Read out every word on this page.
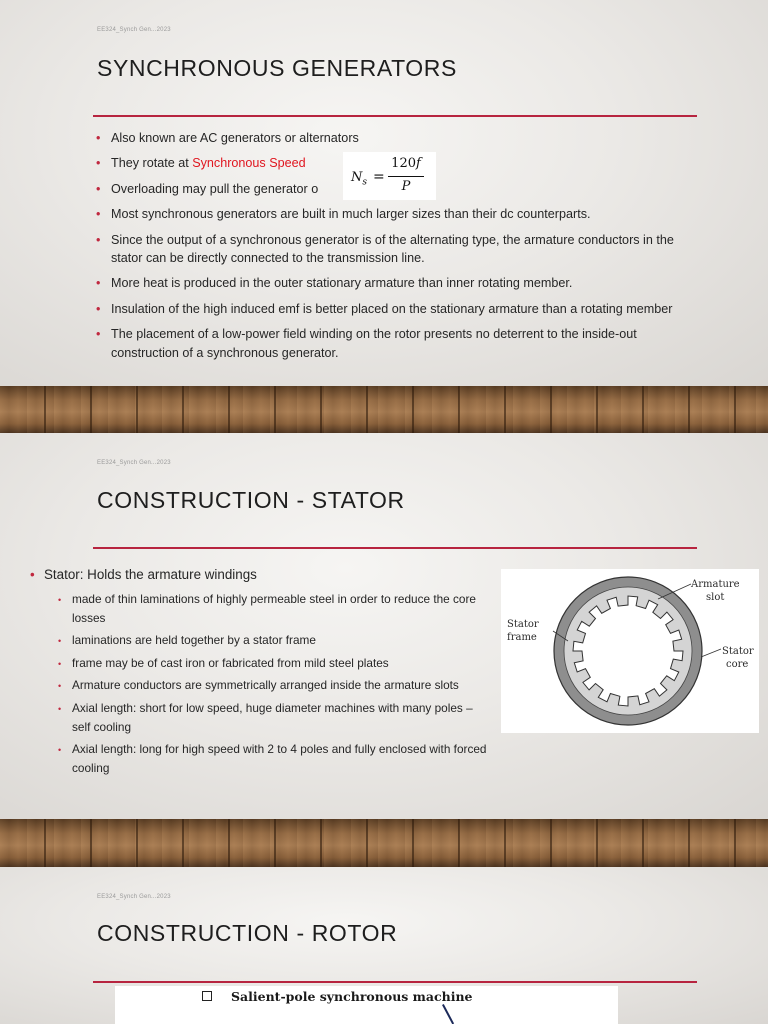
EE324_Synch Gen...2023
SYNCHRONOUS GENERATORS
• Also known are AC generators or alternators
• They rotate at Synchronous Speed
• Overloading may pull the generator o
• Most synchronous generators are built in much larger sizes than their dc counterparts.
• Since the output of a synchronous generator is of the alternating type, the armature conductors in the stator can be directly connected to the transmission line.
• More heat is produced in the outer stationary armature than inner rotating member.
• Insulation of the high induced emf is better placed on the stationary armature than a rotating member
• The placement of a low-power field winding on the rotor presents no deterrent to the inside-out construction of a synchronous generator.
$N_s$ =
120f
P
EE324_Synch Gen...2023
CONSTRUCTION - STATOR
• Stator: Holds the armature windings
• made of thin laminations of highly permeable steel in order to reduce the core losses
• laminations are held together by a stator frame
• frame may be of cast iron or fabricated from mild steel plates
• Armature conductors are symmetrically arranged inside the armature slots
• Axial length: short for low speed, huge diameter machines with many poles – self cooling
• Axial length: long for high speed with 2 to 4 poles and fully enclosed with forced cooling
Armature
slot
Stator
frame
Stator
core
EE324_Synch Gen...2023
CONSTRUCTION - ROTOR
Salient-pole synchronous machine
